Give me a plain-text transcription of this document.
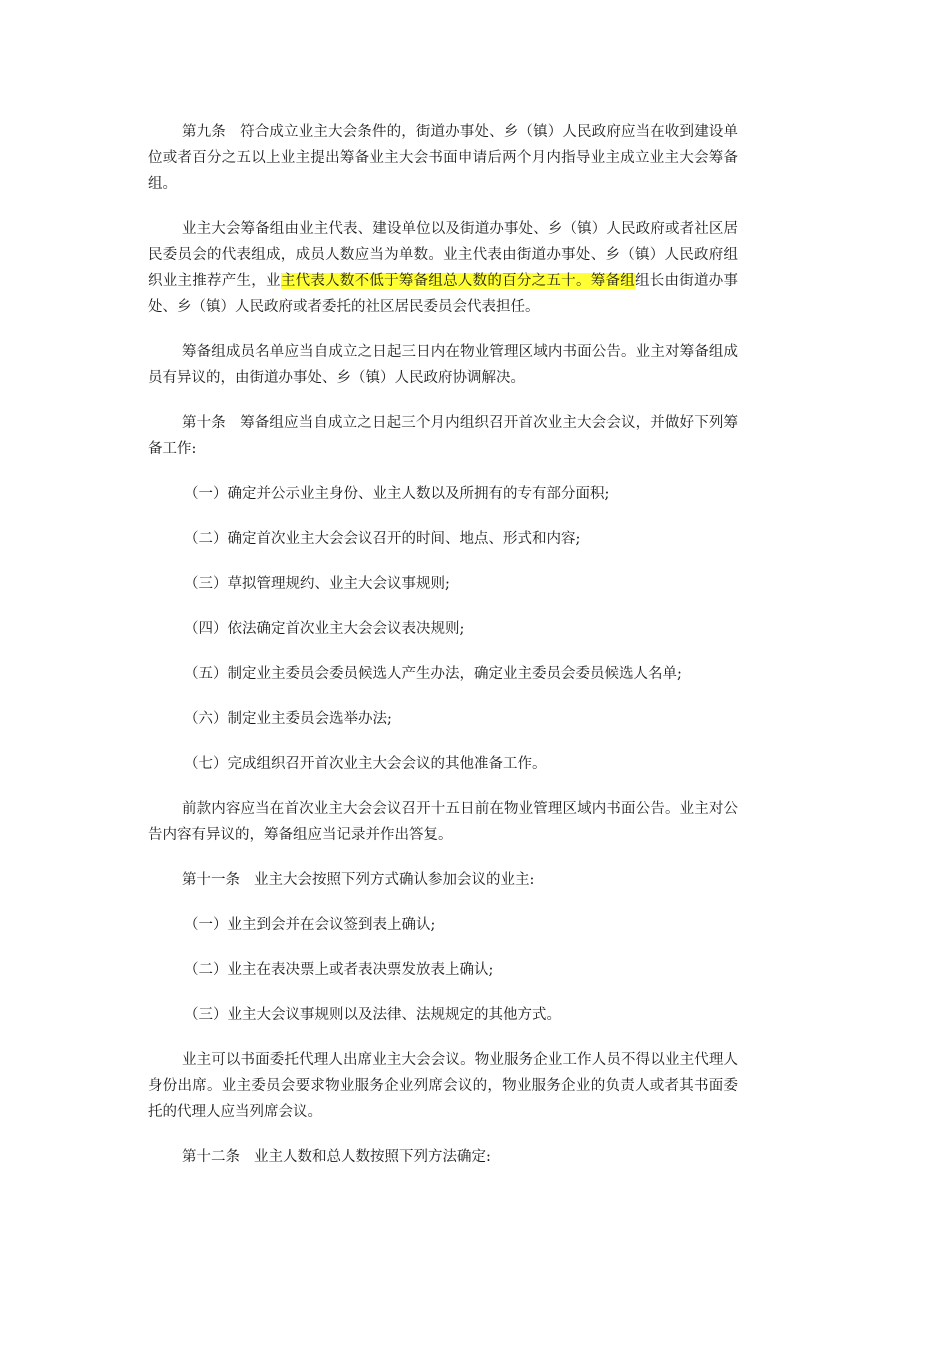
第九条 符合成立业主大会条件的，街道办事处、乡（镇）人民政府应当在收到建设单位或者百分之五以上业主提出筹备业主大会书面申请后两个月内指导业主成立业主大会筹备组。

业主大会筹备组由业主代表、建设单位以及街道办事处、乡（镇）人民政府或者社区居民委员会的代表组成，成员人数应当为单数。业主代表由街道办事处、乡（镇）人民政府组织业主推荐产生，业主代表人数不低于筹备组总人数的百分之五十。筹备组组长由街道办事处、乡（镇）人民政府或者委托的社区居民委员会代表担任。

筹备组成员名单应当自成立之日起三日内在物业管理区域内书面公告。业主对筹备组成员有异议的，由街道办事处、乡（镇）人民政府协调解决。

第十条 筹备组应当自成立之日起三个月内组织召开首次业主大会会议，并做好下列筹备工作:

（一）确定并公示业主身份、业主人数以及所拥有的专有部分面积;

（二）确定首次业主大会会议召开的时间、地点、形式和内容;

（三）草拟管理规约、业主大会议事规则;

（四）依法确定首次业主大会会议表决规则;

（五）制定业主委员会委员候选人产生办法，确定业主委员会委员候选人名单;

（六）制定业主委员会选举办法;

（七）完成组织召开首次业主大会会议的其他准备工作。

前款内容应当在首次业主大会会议召开十五日前在物业管理区域内书面公告。业主对公告内容有异议的，筹备组应当记录并作出答复。

第十一条 业主大会按照下列方式确认参加会议的业主:

（一）业主到会并在会议签到表上确认;

（二）业主在表决票上或者表决票发放表上确认;

（三）业主大会议事规则以及法律、法规规定的其他方式。

业主可以书面委托代理人出席业主大会会议。物业服务企业工作人员不得以业主代理人身份出席。业主委员会要求物业服务企业列席会议的，物业服务企业的负责人或者其书面委托的代理人应当列席会议。

第十二条 业主人数和总人数按照下列方法确定:
